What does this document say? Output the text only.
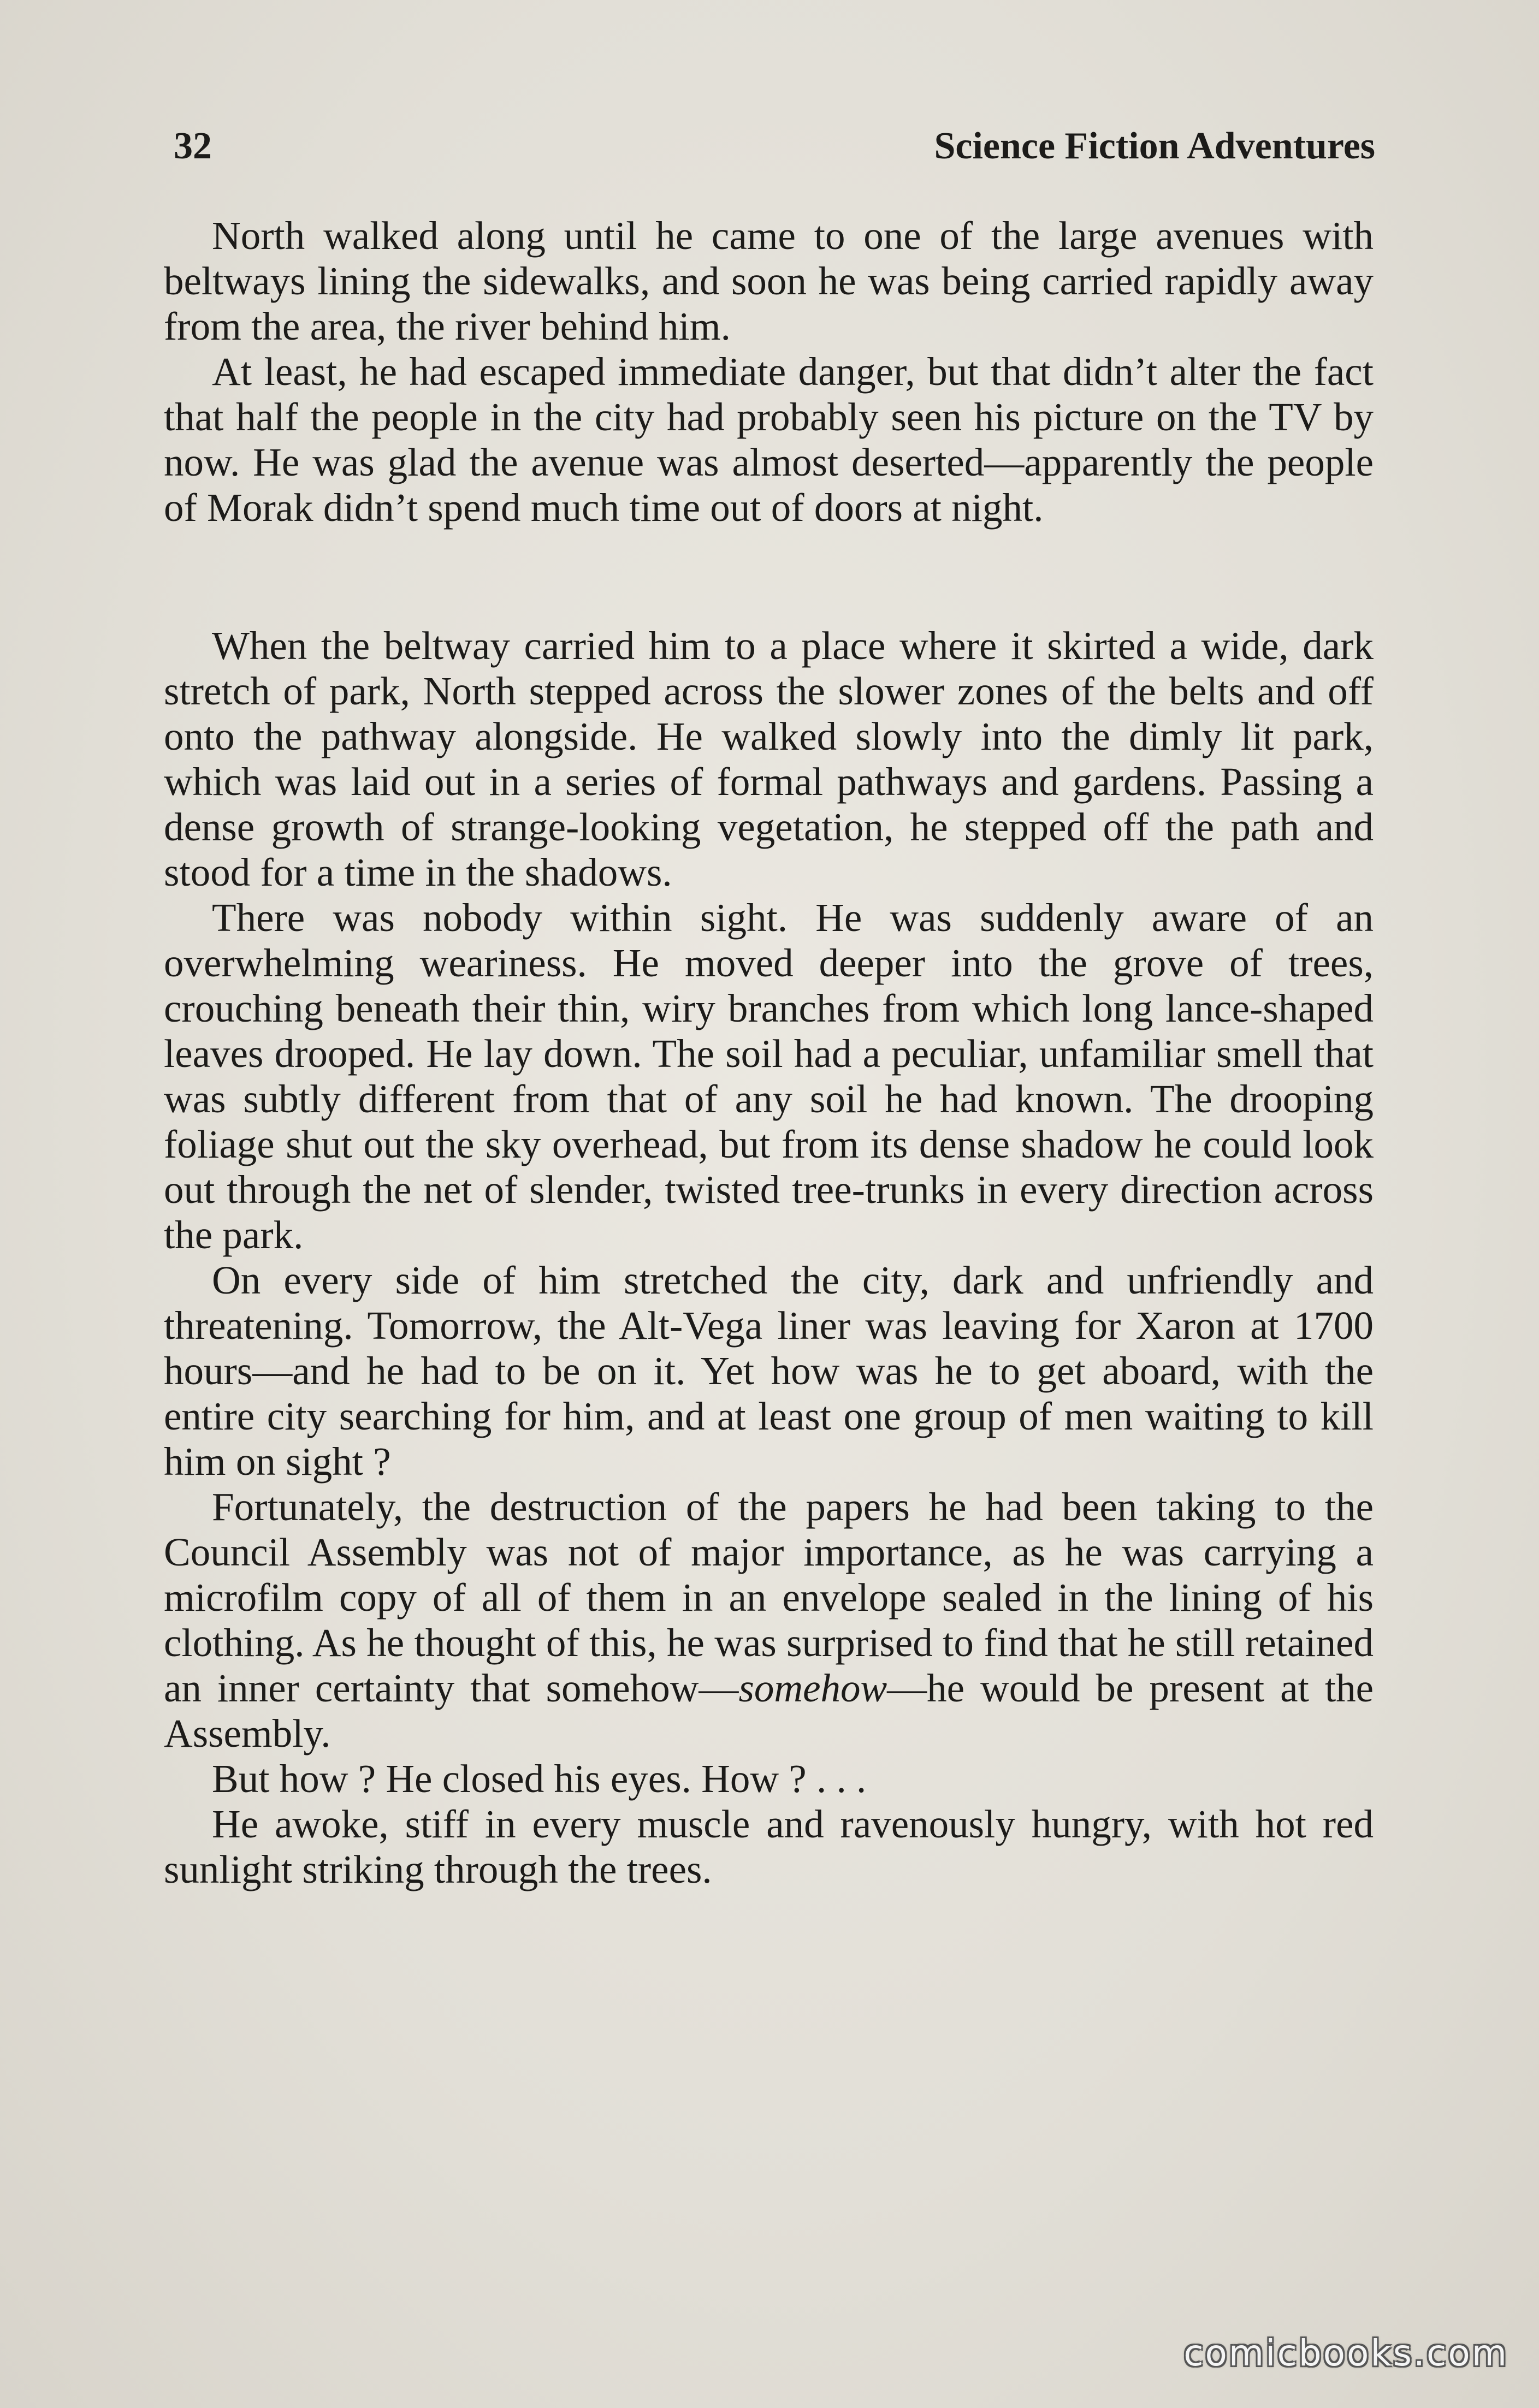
32	Science Fiction Adventures

North walked along until he came to one of the large avenues with beltways lining the sidewalks, and soon he was being carried rapidly away from the area, the river behind him.

At least, he had escaped immediate danger, but that didn’t alter the fact that half the people in the city had probably seen his picture on the TV by now. He was glad the avenue was almost deserted—apparently the people of Morak didn’t spend much time out of doors at night.

When the beltway carried him to a place where it skirted a wide, dark stretch of park, North stepped across the slower zones of the belts and off onto the pathway alongside. He walked slowly into the dimly lit park, which was laid out in a series of formal pathways and gardens. Passing a dense growth of strange-looking vegetation, he stepped off the path and stood for a time in the shadows.

There was nobody within sight. He was suddenly aware of an overwhelming weariness. He moved deeper into the grove of trees, crouching beneath their thin, wiry branches from which long lance-shaped leaves drooped. He lay down. The soil had a peculiar, unfamiliar smell that was subtly different from that of any soil he had known. The drooping foliage shut out the sky overhead, but from its dense shadow he could look out through the net of slender, twisted tree-trunks in every direction across the park.

On every side of him stretched the city, dark and unfriendly and threatening. Tomorrow, the Alt-Vega liner was leaving for Xaron at 1700 hours—and he had to be on it. Yet how was he to get aboard, with the entire city searching for him, and at least one group of men waiting to kill him on sight ?

Fortunately, the destruction of the papers he had been taking to the Council Assembly was not of major importance, as he was carrying a microfilm copy of all of them in an envelope sealed in the lining of his clothing. As he thought of this, he was surprised to find that he still retained an inner certainty that somehow—somehow—he would be present at the Assembly.

But how ? He closed his eyes. How ? . . .

He awoke, stiff in every muscle and ravenously hungry, with hot red sunlight striking through the trees.

comicbooks.com
